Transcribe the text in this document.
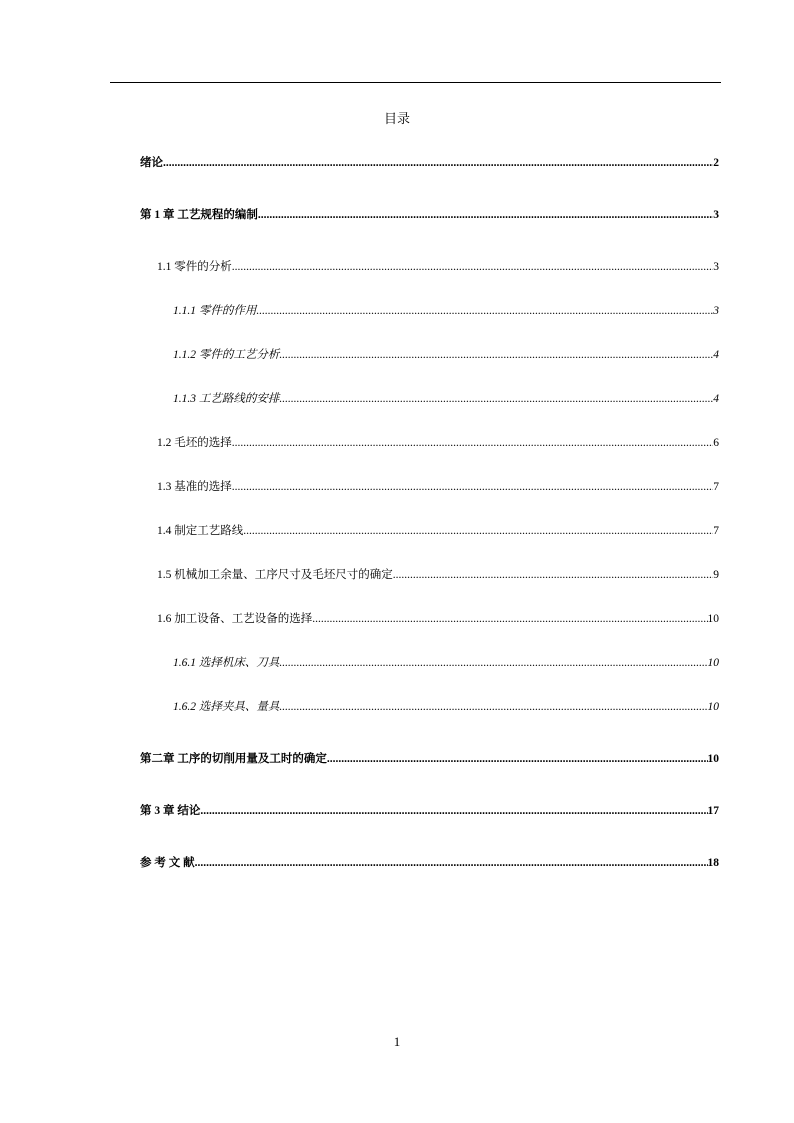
目录
绪论 .....	2
第 1 章 工艺规程的编制 .....	3
1.1 零件的分析 .....	3
1.1.1 零件的作用 .....	3
1.1.2 零件的工艺分析 .....	4
1.1.3 工艺路线的安排 .....	4
1.2 毛坯的选择 .....	6
1.3 基准的选择 .....	7
1.4 制定工艺路线 .....	7
1.5 机械加工余量、工序尺寸及毛坯尺寸的确定 .....	9
1.6 加工设备、工艺设备的选择 .....	10
1.6.1 选择机床、刀具 .....	10
1.6.2 选择夹具、量具 .....	10
第二章 工序的切削用量及工时的确定 .....	10
第 3 章 结论 .....	17
参 考 文 献 .....	18
1
